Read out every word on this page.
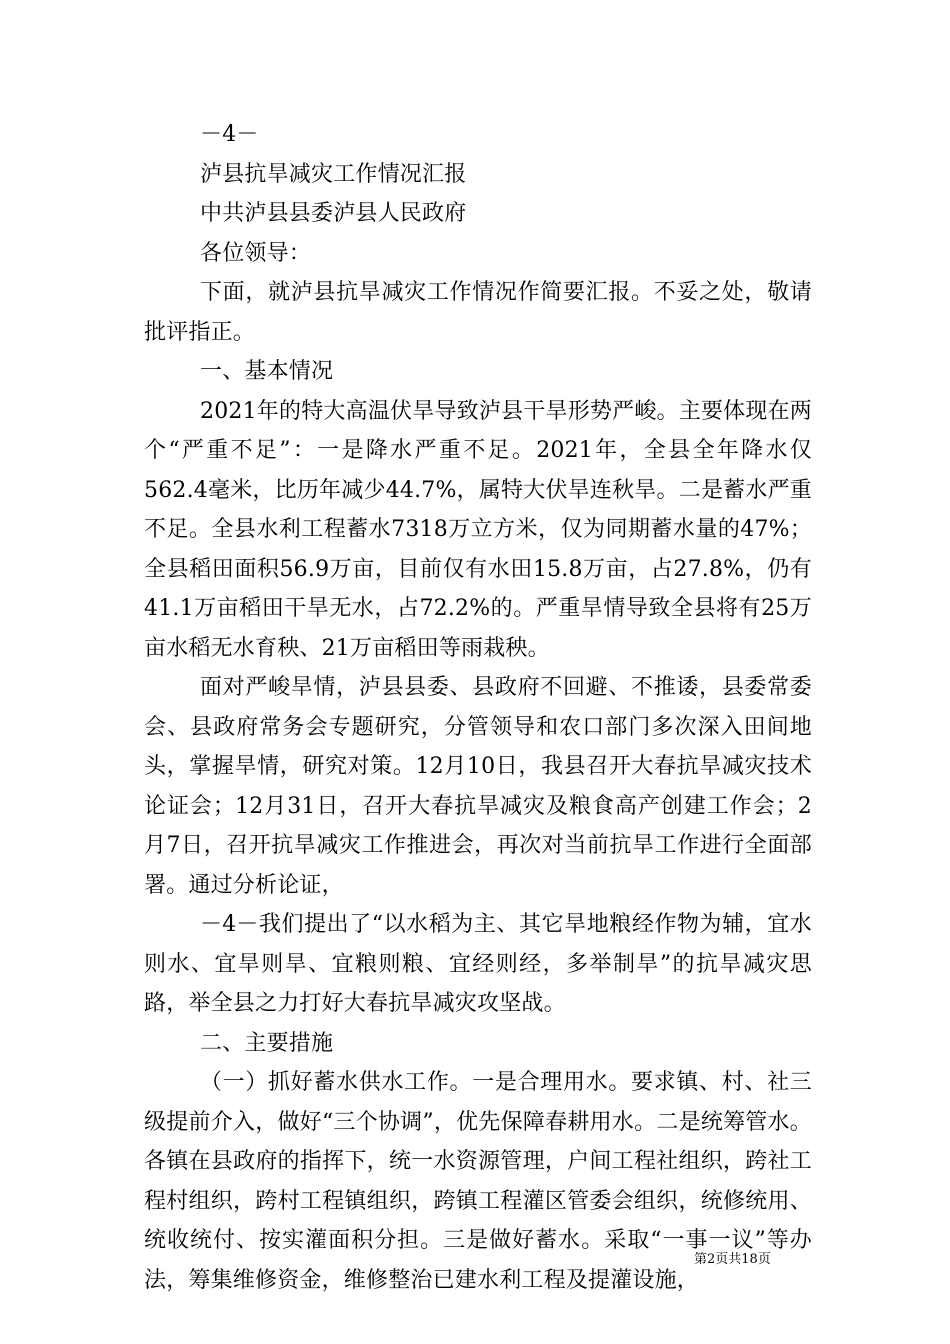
－4－

泸县抗旱减灾工作情况汇报

中共泸县县委泸县人民政府

各位领导：

下面，就泸县抗旱减灾工作情况作简要汇报。不妥之处，敬请批评指正。

一、基本情况

2021年的特大高温伏旱导致泸县干旱形势严峻。主要体现在两个“严重不足”：一是降水严重不足。2021年，全县全年降水仅562.4毫米，比历年减少44.7%，属特大伏旱连秋旱。二是蓄水严重不足。全县水利工程蓄水7318万立方米，仅为同期蓄水量的47%；全县稻田面积56.9万亩，目前仅有水田15.8万亩，占27.8%，仍有41.1万亩稻田干旱无水，占72.2%的。严重旱情导致全县将有25万亩水稻无水育秧、21万亩稻田等雨栽秧。

面对严峻旱情，泸县县委、县政府不回避、不推诿，县委常委会、县政府常务会专题研究，分管领导和农口部门多次深入田间地头，掌握旱情，研究对策。12月10日，我县召开大春抗旱减灾技术论证会；12月31日，召开大春抗旱减灾及粮食高产创建工作会；2月7日，召开抗旱减灾工作推进会，再次对当前抗旱工作进行全面部署。通过分析论证，

－4－我们提出了“以水稻为主、其它旱地粮经作物为辅，宜水则水、宜旱则旱、宜粮则粮、宜经则经，多举制旱”的抗旱减灾思路，举全县之力打好大春抗旱减灾攻坚战。

二、主要措施

（一）抓好蓄水供水工作。一是合理用水。要求镇、村、社三级提前介入，做好“三个协调”，优先保障春耕用水。二是统筹管水。各镇在县政府的指挥下，统一水资源管理，户间工程社组织，跨社工程村组织，跨村工程镇组织，跨镇工程灌区管委会组织，统修统用、统收统付、按实灌面积分担。三是做好蓄水。采取“一事一议”等办法，筹集维修资金，维修整治已建水利工程及提灌设施，

第2页共18页
